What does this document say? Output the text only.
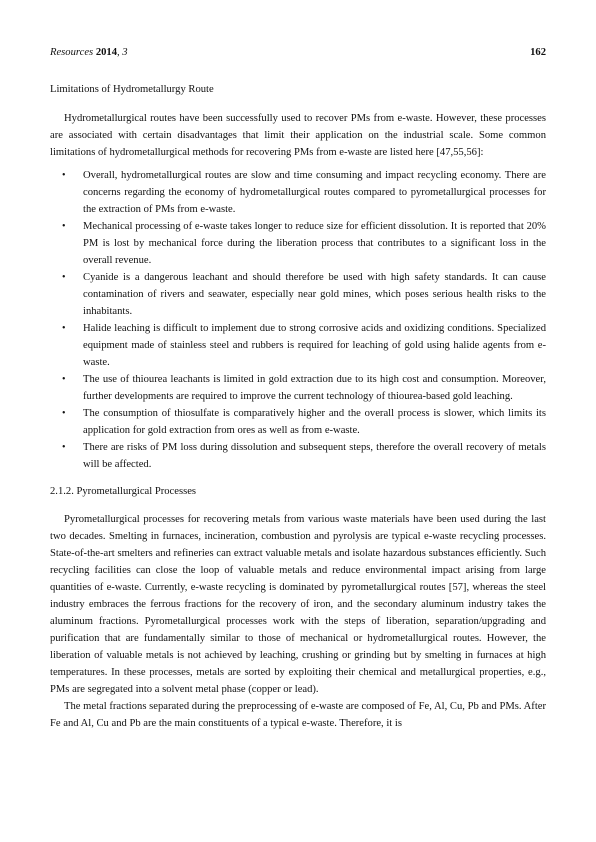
Resources 2014, 3	162

Limitations of Hydrometallurgy Route

Hydrometallurgical routes have been successfully used to recover PMs from e-waste. However, these processes are associated with certain disadvantages that limit their application on the industrial scale. Some common limitations of hydrometallurgical methods for recovering PMs from e-waste are listed here [47,55,56]:

• Overall, hydrometallurgical routes are slow and time consuming and impact recycling economy. There are concerns regarding the economy of hydrometallurgical routes compared to pyrometallurgical processes for the extraction of PMs from e-waste.
• Mechanical processing of e-waste takes longer to reduce size for efficient dissolution. It is reported that 20% PM is lost by mechanical force during the liberation process that contributes to a significant loss in the overall revenue.
• Cyanide is a dangerous leachant and should therefore be used with high safety standards. It can cause contamination of rivers and seawater, especially near gold mines, which poses serious health risks to the inhabitants.
• Halide leaching is difficult to implement due to strong corrosive acids and oxidizing conditions. Specialized equipment made of stainless steel and rubbers is required for leaching of gold using halide agents from e-waste.
• The use of thiourea leachants is limited in gold extraction due to its high cost and consumption. Moreover, further developments are required to improve the current technology of thiourea-based gold leaching.
• The consumption of thiosulfate is comparatively higher and the overall process is slower, which limits its application for gold extraction from ores as well as from e-waste.
• There are risks of PM loss during dissolution and subsequent steps, therefore the overall recovery of metals will be affected.

2.1.2. Pyrometallurgical Processes

Pyrometallurgical processes for recovering metals from various waste materials have been used during the last two decades. Smelting in furnaces, incineration, combustion and pyrolysis are typical e-waste recycling processes. State-of-the-art smelters and refineries can extract valuable metals and isolate hazardous substances efficiently. Such recycling facilities can close the loop of valuable metals and reduce environmental impact arising from large quantities of e-waste. Currently, e-waste recycling is dominated by pyrometallurgical routes [57], whereas the steel industry embraces the ferrous fractions for the recovery of iron, and the secondary aluminum industry takes the aluminum fractions. Pyrometallurgical processes work with the steps of liberation, separation/upgrading and purification that are fundamentally similar to those of mechanical or hydrometallurgical routes. However, the liberation of valuable metals is not achieved by leaching, crushing or grinding but by smelting in furnaces at high temperatures. In these processes, metals are sorted by exploiting their chemical and metallurgical properties, e.g., PMs are segregated into a solvent metal phase (copper or lead).

The metal fractions separated during the preprocessing of e-waste are composed of Fe, Al, Cu, Pb and PMs. After Fe and Al, Cu and Pb are the main constituents of a typical e-waste. Therefore, it is
